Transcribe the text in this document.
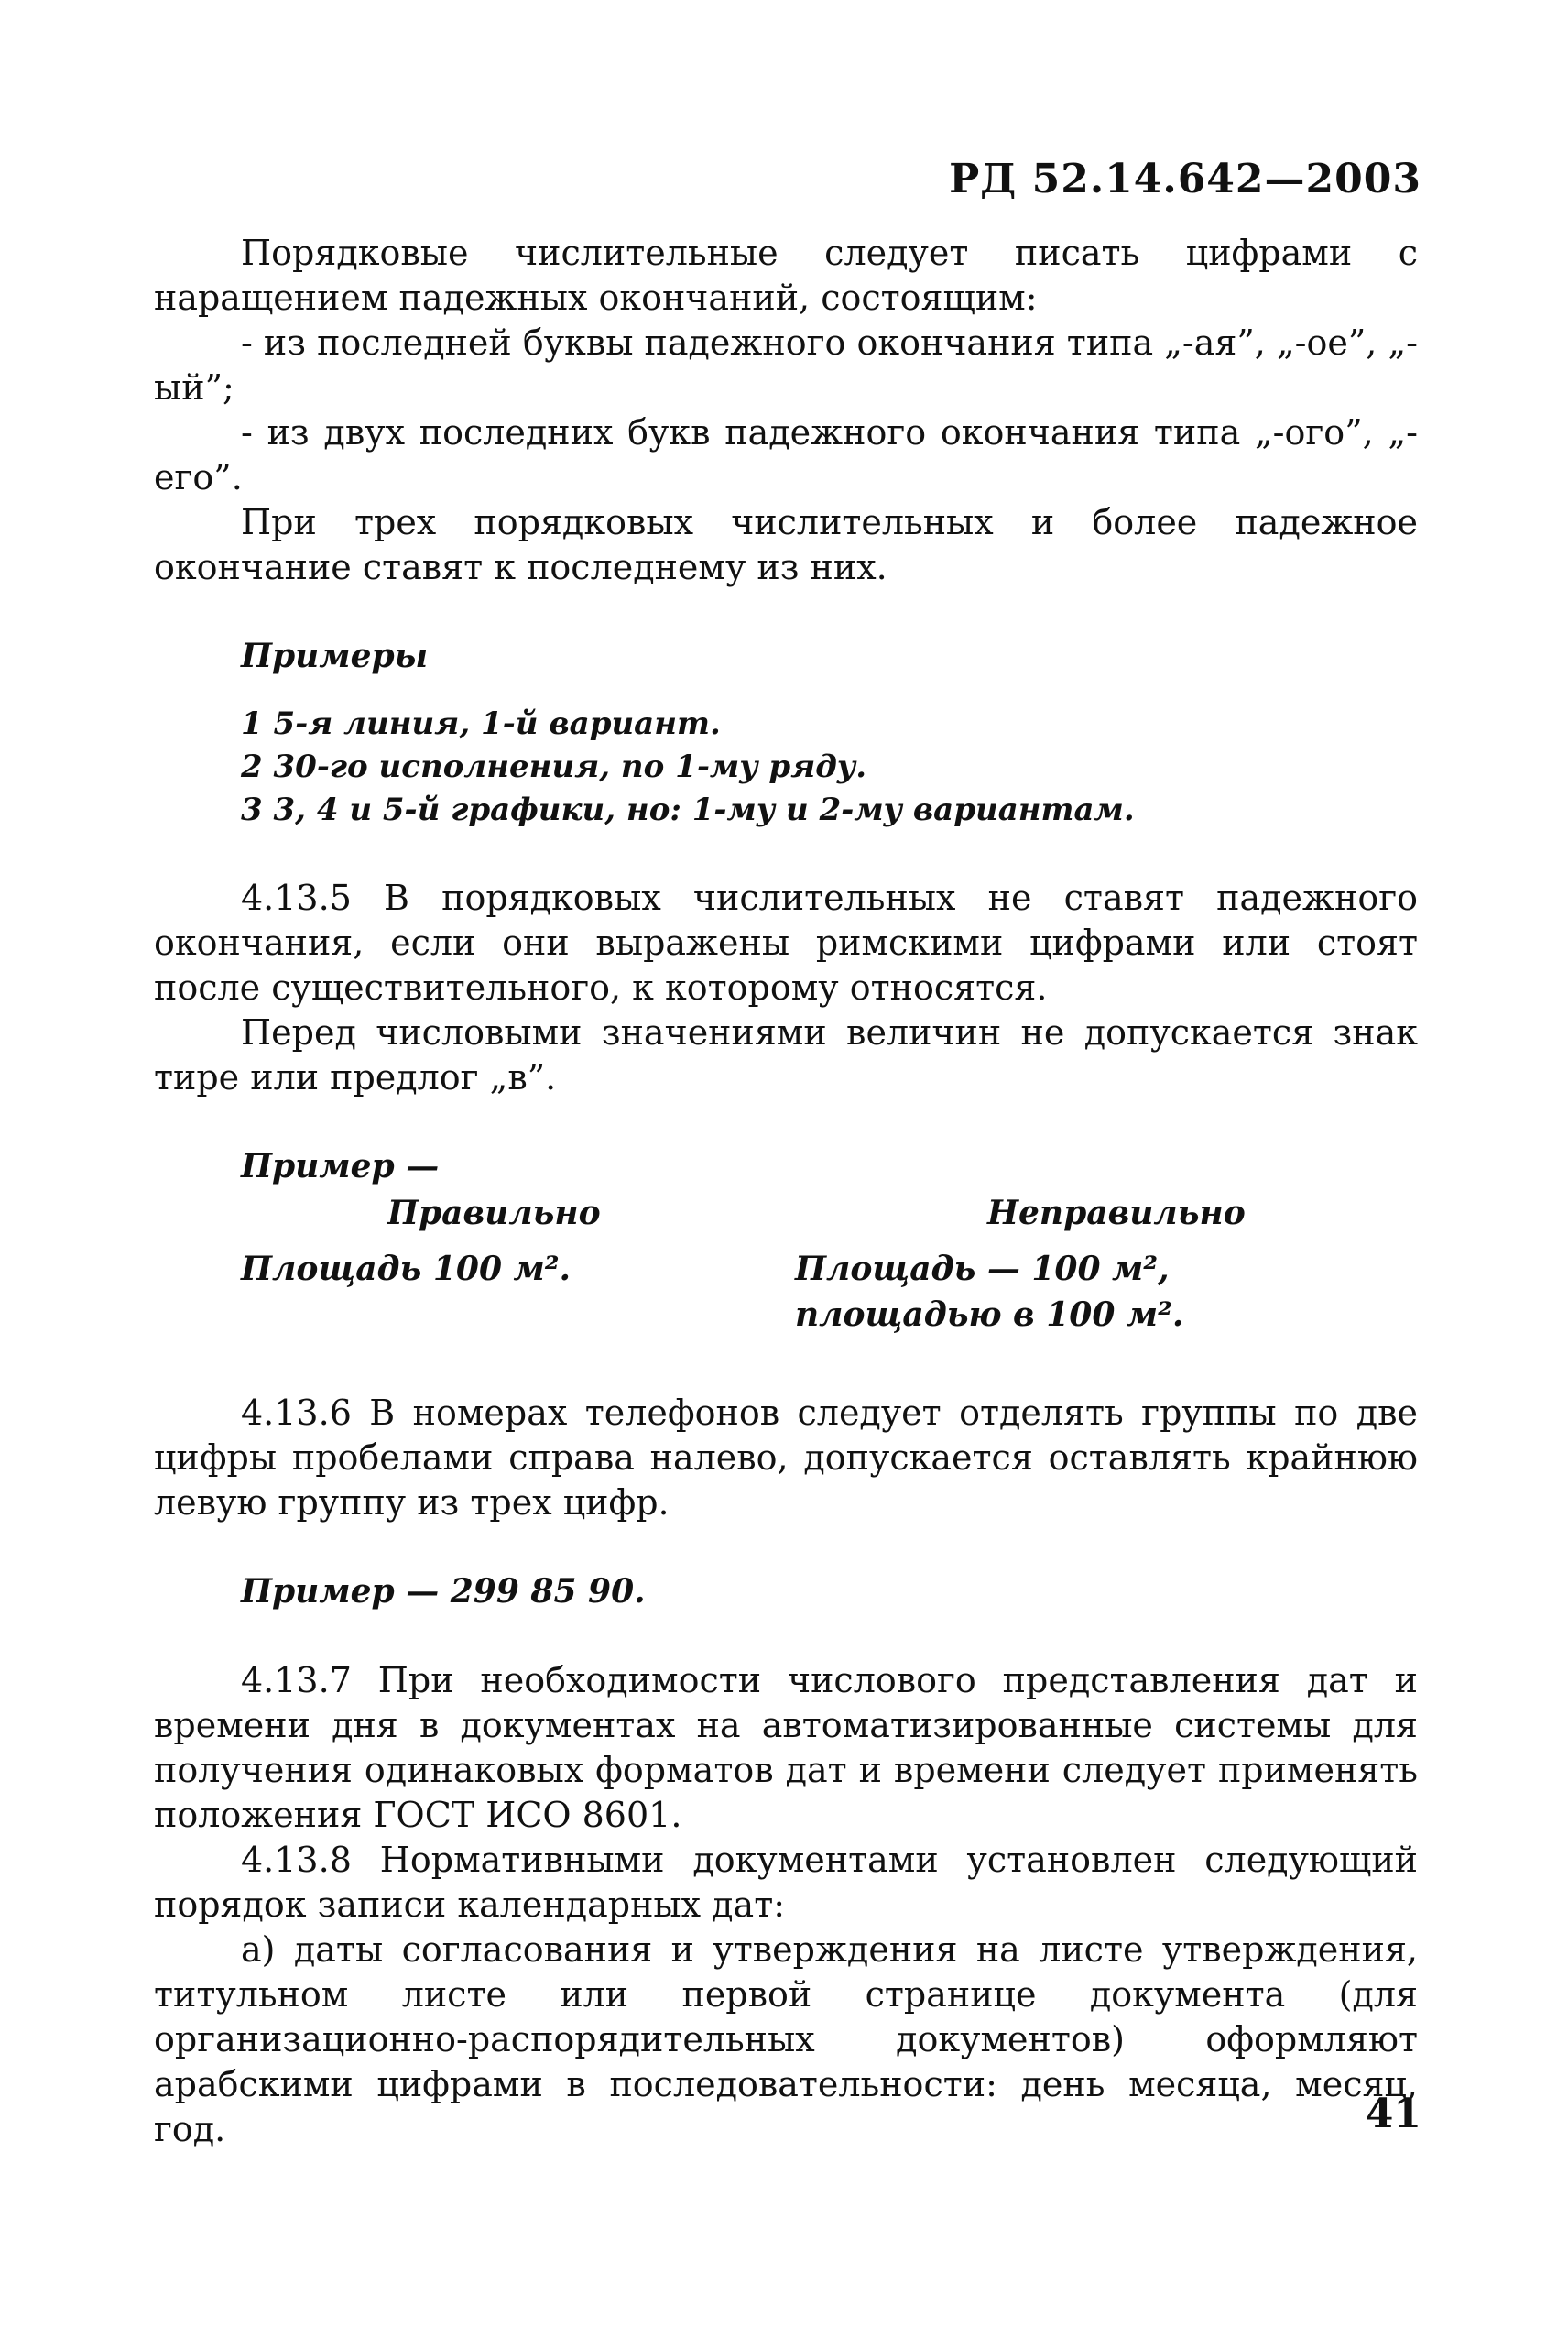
РД 52.14.642—2003

Порядковые числительные следует писать цифрами с наращением падежных окончаний, состоящим:

- из последней буквы падежного окончания типа „-ая”, „-ое”, „-ый”;

- из двух последних букв падежного окончания типа „-ого”, „-его”.

При трех порядковых числительных и более падежное окончание ставят к последнему из них.

Примеры
1 5-я линия, 1-й вариант.
2 30-го исполнения, по 1-му ряду.
3 3, 4 и 5-й графики, но: 1-му и 2-му вариантам.

4.13.5 В порядковых числительных не ставят падежного окончания, если они выражены римскими цифрами или стоят после существительного, к которому относятся.

Перед числовыми значениями величин не допускается знак тире или предлог „в”.

Пример —
Правильно
Площадь 100 м².
Неправильно
Площадь — 100 м², площадью в 100 м².

4.13.6 В номерах телефонов следует отделять группы по две цифры пробелами справа налево, допускается оставлять крайнюю левую группу из трех цифр.

Пример — 299 85 90.

4.13.7 При необходимости числового представления дат и времени дня в документах на автоматизированные системы для получения одинаковых форматов дат и времени следует применять положения ГОСТ ИСО 8601.

4.13.8 Нормативными документами установлен следующий порядок записи календарных дат:

а) даты согласования и утверждения на листе утверждения, титульном листе или первой странице документа (для организационно-распорядительных документов) оформляют арабскими цифрами в последовательности: день месяца, месяц, год.	41
